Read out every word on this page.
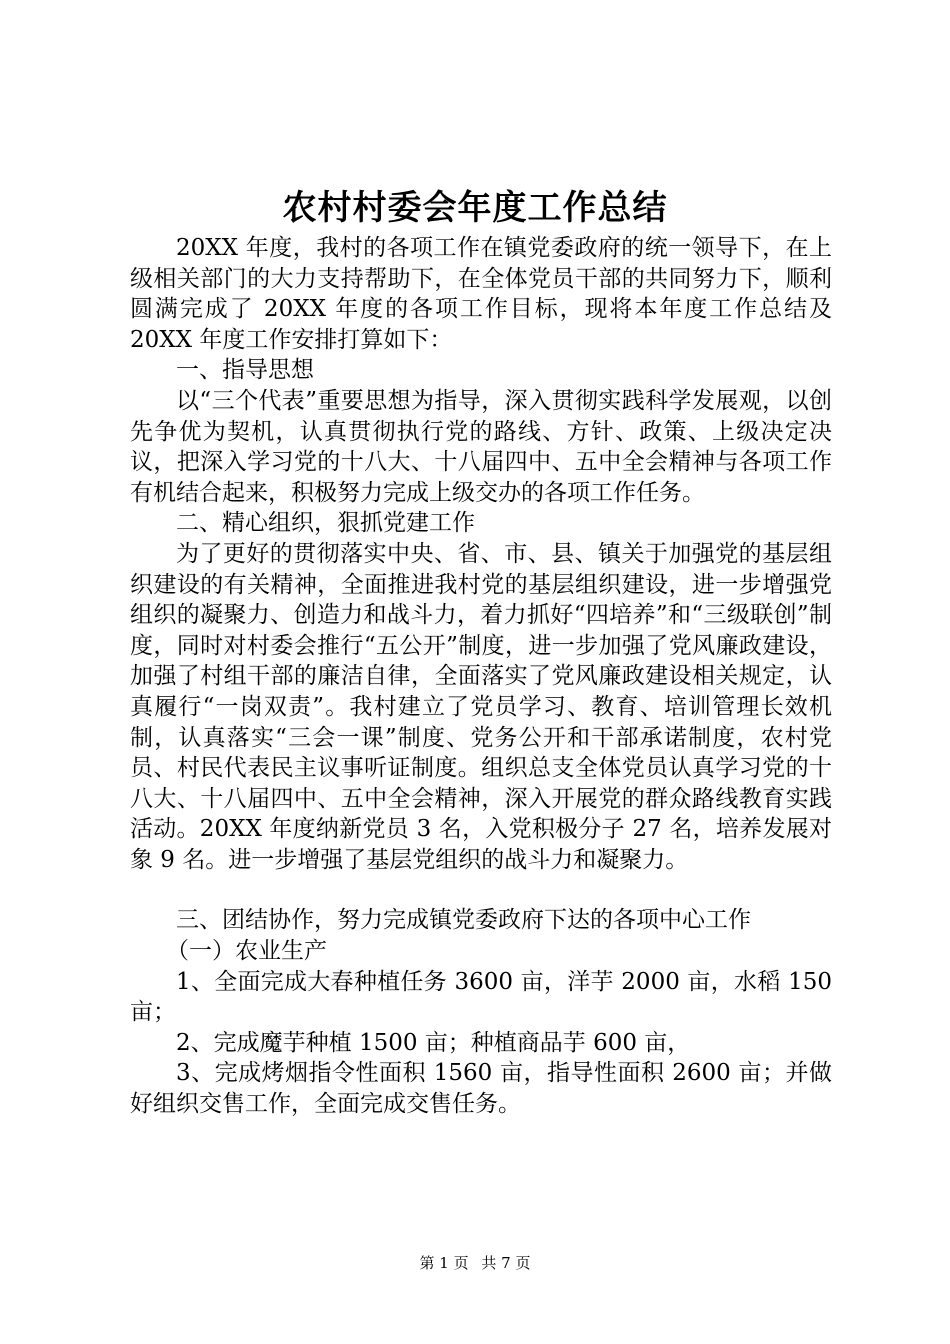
农村村委会年度工作总结

20XX 年度，我村的各项工作在镇党委政府的统一领导下，在上级相关部门的大力支持帮助下，在全体党员干部的共同努力下，顺利圆满完成了 20XX 年度的各项工作目标，现将本年度工作总结及 20XX 年度工作安排打算如下：

一、指导思想

以“三个代表”重要思想为指导，深入贯彻实践科学发展观，以创先争优为契机，认真贯彻执行党的路线、方针、政策、上级决定决议，把深入学习党的十八大、十八届四中、五中全会精神与各项工作有机结合起来，积极努力完成上级交办的各项工作任务。

二、精心组织，狠抓党建工作

为了更好的贯彻落实中央、省、市、县、镇关于加强党的基层组织建设的有关精神，全面推进我村党的基层组织建设，进一步增强党组织的凝聚力、创造力和战斗力，着力抓好“四培养”和“三级联创”制度，同时对村委会推行“五公开”制度，进一步加强了党风廉政建设，加强了村组干部的廉洁自律，全面落实了党风廉政建设相关规定，认真履行“一岗双责”。我村建立了党员学习、教育、培训管理长效机制，认真落实“三会一课”制度、党务公开和干部承诺制度，农村党员、村民代表民主议事听证制度。组织总支全体党员认真学习党的十八大、十八届四中、五中全会精神，深入开展党的群众路线教育实践活动。20XX 年度纳新党员 3 名，入党积极分子 27 名，培养发展对象 9 名。进一步增强了基层党组织的战斗力和凝聚力。

三、团结协作，努力完成镇党委政府下达的各项中心工作

（一）农业生产

1、全面完成大春种植任务 3600 亩，洋芋 2000 亩，水稻 150 亩；

2、完成魔芋种植 1500 亩；种植商品芋 600 亩，

3、完成烤烟指令性面积 1560 亩，指导性面积 2600 亩；并做好组织交售工作，全面完成交售任务。

第 1 页 共 7 页
